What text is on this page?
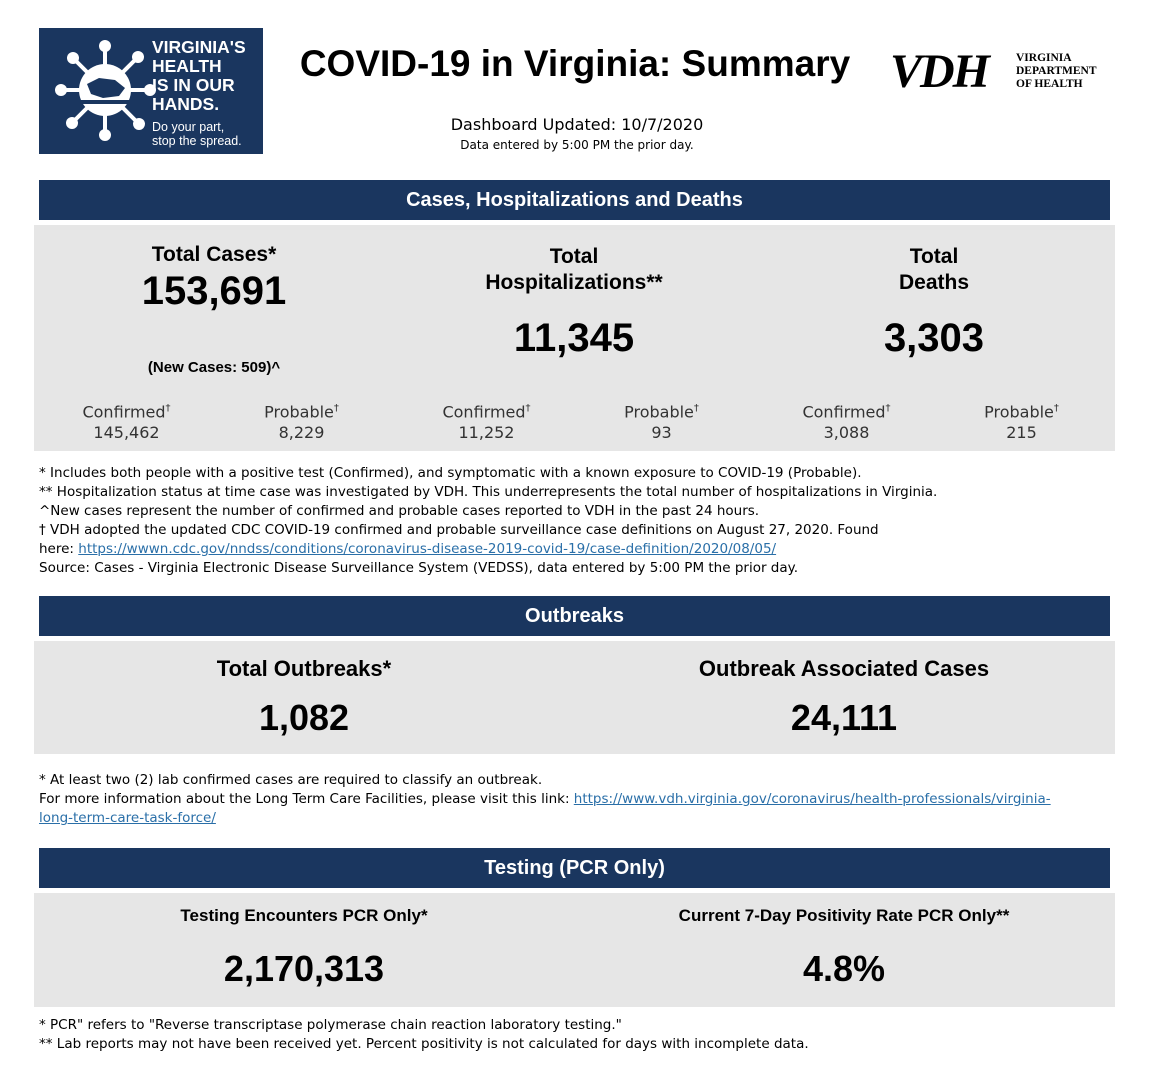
VIRGINIA'S
HEALTH
IS IN OUR
HANDS.
Do your part,
stop the spread.
COVID-19 in Virginia: Summary
Dashboard Updated: 10/7/2020
Data entered by 5:00 PM the prior day.
VDH VIRGINIA
DEPARTMENT
OF HEALTH
Cases, Hospitalizations and Deaths
Total Cases*
153,691
(New Cases: 509)^
Total
Hospitalizations**
11,345
Total
Deaths
3,303
Confirmed†
145,462
Probable†
8,229
Confirmed†
11,252
Probable†
93
Confirmed†
3,088
Probable†
215
* Includes both people with a positive test (Confirmed), and symptomatic with a known exposure to COVID-19 (Probable).
** Hospitalization status at time case was investigated by VDH. This underrepresents the total number of hospitalizations in Virginia.
^New cases represent the number of confirmed and probable cases reported to VDH in the past 24 hours.
† VDH adopted the updated CDC COVID-19 confirmed and probable surveillance case definitions on August 27, 2020. Found
here: https://wwwn.cdc.gov/nndss/conditions/coronavirus-disease-2019-covid-19/case-definition/2020/08/05/
Source: Cases - Virginia Electronic Disease Surveillance System (VEDSS), data entered by 5:00 PM the prior day.
Outbreaks
Total Outbreaks*
1,082
Outbreak Associated Cases
24,111
* At least two (2) lab confirmed cases are required to classify an outbreak.
For more information about the Long Term Care Facilities, please visit this link: https://www.vdh.virginia.gov/coronavirus/health-professionals/virginia-
long-term-care-task-force/
Testing (PCR Only)
Testing Encounters PCR Only*
2,170,313
Current 7-Day Positivity Rate PCR Only**
4.8%
* PCR" refers to "Reverse transcriptase polymerase chain reaction laboratory testing."
** Lab reports may not have been received yet. Percent positivity is not calculated for days with incomplete data.
